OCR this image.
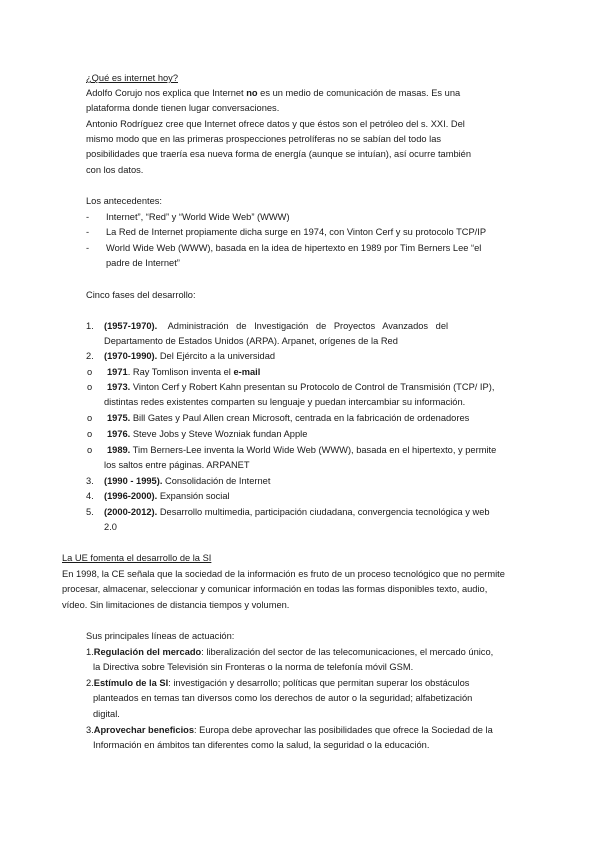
¿Qué es internet hoy?
Adolfo Corujo nos explica que Internet no es un medio de comunicación de masas. Es una
plataforma donde tienen lugar conversaciones.
Antonio Rodríguez cree que Internet ofrece datos y que éstos son el petróleo del s. XXI. Del
mismo modo que en las primeras prospecciones petrolíferas no se sabían del todo las
posibilidades que traería esa nueva forma de energía (aunque se intuían), así ocurre también
con los datos.
Los antecedentes:
- Internet”, “Red” y “World Wide Web” (WWW)
- La Red de Internet propiamente dicha surge en 1974, con Vinton Cerf y su protocolo TCP/IP
- World Wide Web (WWW), basada en la idea de hipertexto en 1989 por Tim Berners Lee “el
padre de Internet”
Cinco fases del desarrollo:
1. (1957-1970). Administración de Investigación de Proyectos Avanzados del
Departamento de Estados Unidos (ARPA). Arpanet, orígenes de la Red
2. (1970-1990). Del Ejército a la universidad
o 1971. Ray Tomlison inventa el e-mail
o 1973. Vinton Cerf y Robert Kahn presentan su Protocolo de Control de Transmisión (TCP/ IP),
distintas redes existentes comparten su lenguaje y puedan intercambiar su información.
o 1975. Bill Gates y Paul Allen crean Microsoft, centrada en la fabricación de ordenadores
o 1976. Steve Jobs y Steve Wozniak fundan Apple
o 1989. Tim Berners-Lee inventa la World Wide Web (WWW), basada en el hipertexto, y permite
los saltos entre páginas. ARPANET
3. (1990 - 1995). Consolidación de Internet
4. (1996-2000). Expansión social
5. (2000-2012). Desarrollo multimedia, participación ciudadana, convergencia tecnológica y web
2.0
La UE fomenta el desarrollo de la SI
En 1998, la CE señala que la sociedad de la información es fruto de un proceso tecnológico que no permite
procesar, almacenar, seleccionar y comunicar información en todas las formas disponibles texto, audio,
vídeo. Sin limitaciones de distancia tiempos y volumen.
Sus principales líneas de actuación:
1.Regulación del mercado: liberalización del sector de las telecomunicaciones, el mercado único,
la Directiva sobre Televisión sin Fronteras o la norma de telefonía móvil GSM.
2.Estímulo de la SI: investigación y desarrollo; políticas que permitan superar los obstáculos
planteados en temas tan diversos como los derechos de autor o la seguridad; alfabetización
digital.
3.Aprovechar beneficios: Europa debe aprovechar las posibilidades que ofrece la Sociedad de la
Información en ámbitos tan diferentes como la salud, la seguridad o la educación.
